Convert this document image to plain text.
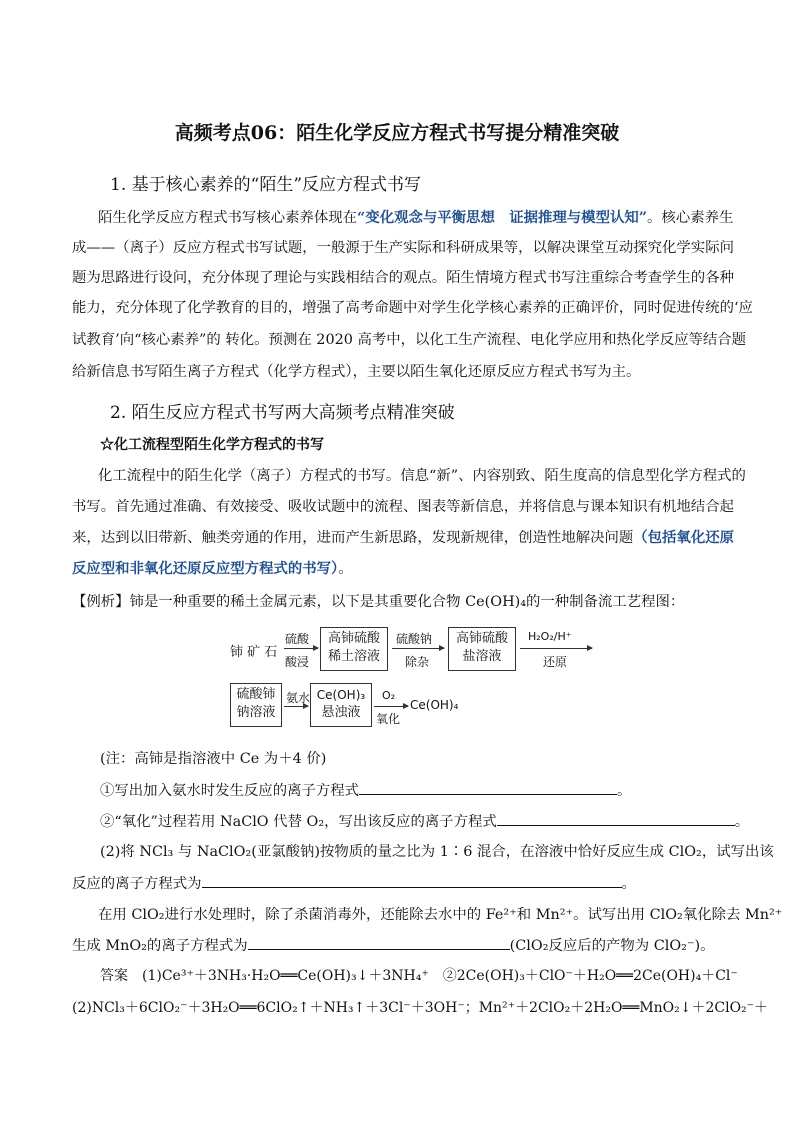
高频考点06：陌生化学反应方程式书写提分精准突破
1. 基于核心素养的“陌生”反应方程式书写
陌生化学反应方程式书写核心素养体现在“变化观念与平衡思想　证据推理与模型认知”。核心素养生
成——（离子）反应方程式书写试题，一般源于生产实际和科研成果等，以解决课堂互动探究化学实际问
题为思路进行设问，充分体现了理论与实践相结合的观点。陌生情境方程式书写注重综合考查学生的各种
能力，充分体现了化学教育的目的，增强了高考命题中对学生化学核心素养的正确评价，同时促进传统的‘应
试教育’向“核心素养”的 转化。预测在 2020 高考中，以化工生产流程、电化学应用和热化学反应等结合题
给新信息书写陌生离子方程式（化学方程式），主要以陌生氧化还原反应方程式书写为主。
2. 陌生反应方程式书写两大高频考点精准突破
☆化工流程型陌生化学方程式的书写
化工流程中的陌生化学（离子）方程式的书写。信息“新”、内容别致、陌生度高的信息型化学方程式的
书写。首先通过准确、有效接受、吸收试题中的流程、图表等新信息，并将信息与课本知识有机地结合起
来，达到以旧带新、触类旁通的作用，进而产生新思路，发现新规律，创造性地解决问题（包括氧化还原
反应型和非氧化还原反应型方程式的书写）。
【例析】铈是一种重要的稀土金属元素，以下是其重要化合物 Ce(OH)₄的一种制备流工艺程图：
铈 矿 石
硫酸
酸浸
高铈硫酸
稀土溶液
硫酸钠
除杂
高铈硫酸
盐溶液
H₂O₂/H⁺
还原
硫酸铈
钠溶液
氨水 Ce(OH)₃
悬浊液
O₂
氧化
Ce(OH)₄
(注：高铈是指溶液中 Ce 为＋4 价)
①写出加入氨水时发生反应的离子方程式	。
②“氧化”过程若用 NaClO 代替 O₂，写出该反应的离子方程式	。
(2)将 NCl₃ 与 NaClO₂(亚氯酸钠)按物质的量之比为 1∶6 混合，在溶液中恰好反应生成 ClO₂，试写出该
反应的离子方程式为	。
在用 ClO₂进行水处理时，除了杀菌消毒外，还能除去水中的 Fe²⁺和 Mn²⁺。试写出用 ClO₂氧化除去 Mn²⁺
生成 MnO₂的离子方程式为	(ClO₂反应后的产物为 ClO₂⁻)。
答案　(1)Ce³⁺＋3NH₃·H₂O══Ce(OH)₃↓＋3NH₄⁺　②2Ce(OH)₃＋ClO⁻＋H₂O══2Ce(OH)₄＋Cl⁻
(2)NCl₃＋6ClO₂⁻＋3H₂O══6ClO₂↑＋NH₃↑＋3Cl⁻＋3OH⁻；Mn²⁺＋2ClO₂＋2H₂O══MnO₂↓＋2ClO₂⁻＋
